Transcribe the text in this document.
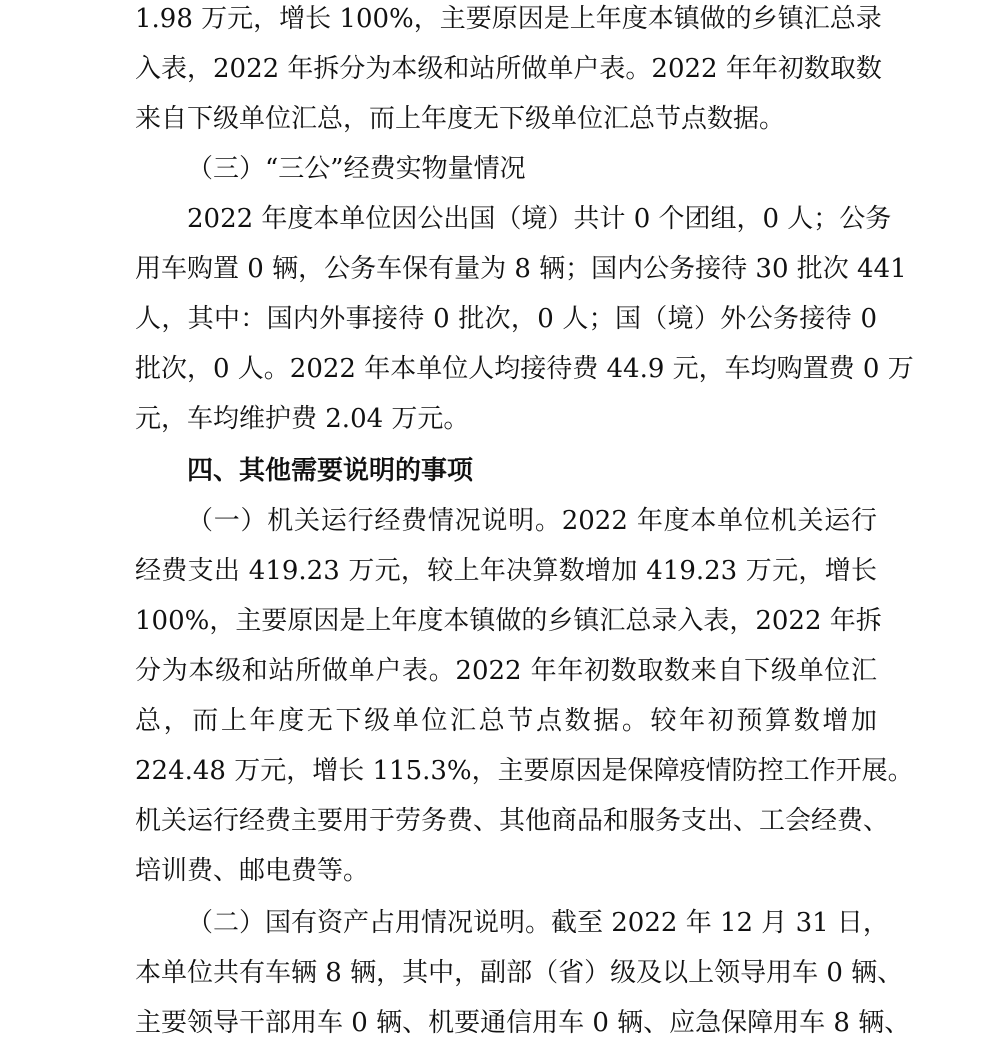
1.98 万元，增长 100%，主要原因是上年度本镇做的乡镇汇总录
入表，2022 年拆分为本级和站所做单户表。2022 年年初数取数
来自下级单位汇总，而上年度无下级单位汇总节点数据。
（三）“三公”经费实物量情况
2022 年度本单位因公出国（境）共计 0 个团组，0 人；公务
用车购置 0 辆，公务车保有量为 8 辆；国内公务接待 30 批次 441
人，其中：国内外事接待 0 批次，0 人；国（境）外公务接待 0
批次，0 人。2022 年本单位人均接待费 44.9 元，车均购置费 0 万
元，车均维护费 2.04 万元。
四、其他需要说明的事项
（一）机关运行经费情况说明。2022 年度本单位机关运行
经费支出 419.23 万元，较上年决算数增加 419.23 万元，增长
100%，主要原因是上年度本镇做的乡镇汇总录入表，2022 年拆
分为本级和站所做单户表。2022 年年初数取数来自下级单位汇
总，而上年度无下级单位汇总节点数据。较年初预算数增加
224.48 万元，增长 115.3%，主要原因是保障疫情防控工作开展。
机关运行经费主要用于劳务费、其他商品和服务支出、工会经费、
培训费、邮电费等。
（二）国有资产占用情况说明。截至 2022 年 12 月 31 日，
本单位共有车辆 8 辆，其中，副部（省）级及以上领导用车 0 辆、
主要领导干部用车 0 辆、机要通信用车 0 辆、应急保障用车 8 辆、
